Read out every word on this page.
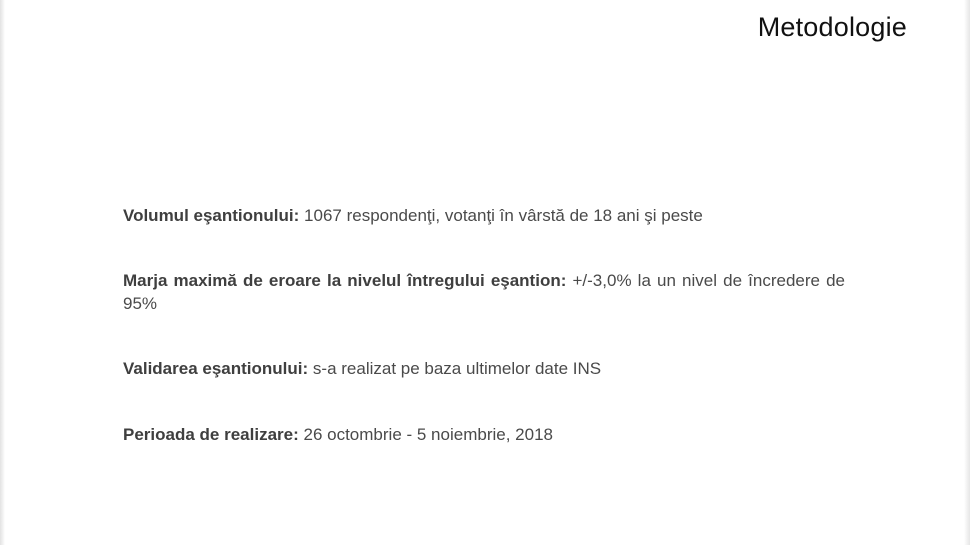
Metodologie

Volumul eşantionului: 1067 respondenţi, votanţi în vârstă de 18 ani şi peste

Marja maximă de eroare la nivelul întregului eşantion: +/-3,0% la un nivel de încredere de 95%

Validarea eşantionului: s-a realizat pe baza ultimelor date INS

Perioada de realizare: 26 octombrie - 5 noiembrie, 2018
